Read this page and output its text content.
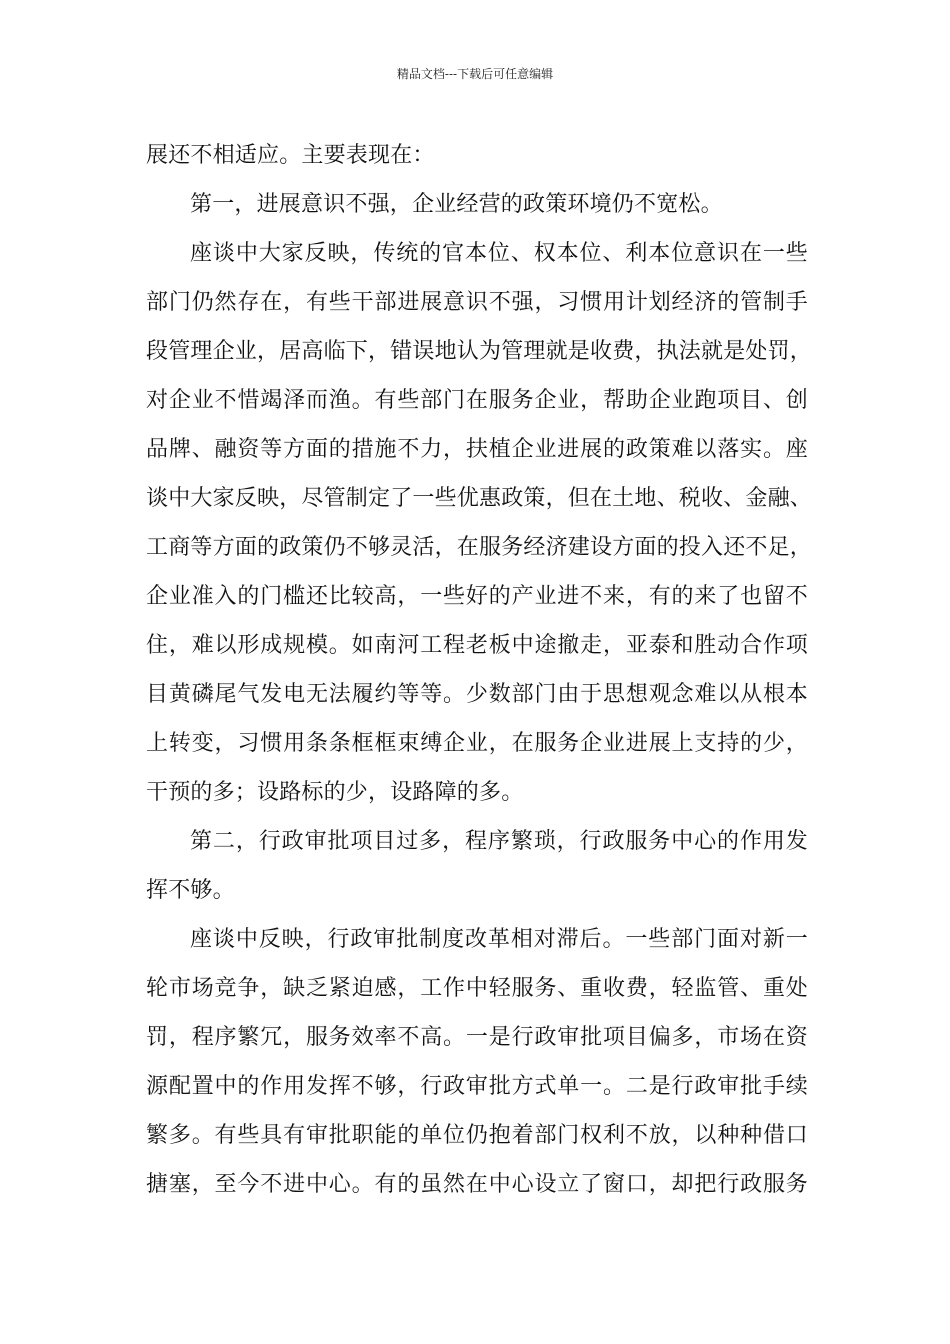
精品文档---下载后可任意编辑
展还不相适应。主要表现在：
第一，进展意识不强，企业经营的政策环境仍不宽松。
座谈中大家反映，传统的官本位、权本位、利本位意识在一些
部门仍然存在，有些干部进展意识不强，习惯用计划经济的管制手
段管理企业，居高临下，错误地认为管理就是收费，执法就是处罚，
对企业不惜竭泽而渔。有些部门在服务企业，帮助企业跑项目、创
品牌、融资等方面的措施不力，扶植企业进展的政策难以落实。座
谈中大家反映，尽管制定了一些优惠政策，但在土地、税收、金融、
工商等方面的政策仍不够灵活，在服务经济建设方面的投入还不足，
企业准入的门槛还比较高，一些好的产业进不来，有的来了也留不
住，难以形成规模。如南河工程老板中途撤走，亚泰和胜动合作项
目黄磷尾气发电无法履约等等。少数部门由于思想观念难以从根本
上转变，习惯用条条框框束缚企业，在服务企业进展上支持的少，
干预的多；设路标的少，设路障的多。
第二，行政审批项目过多，程序繁琐，行政服务中心的作用发
挥不够。
座谈中反映，行政审批制度改革相对滞后。一些部门面对新一
轮市场竞争，缺乏紧迫感，工作中轻服务、重收费，轻监管、重处
罚，程序繁冗，服务效率不高。一是行政审批项目偏多，市场在资
源配置中的作用发挥不够，行政审批方式单一。二是行政审批手续
繁多。有些具有审批职能的单位仍抱着部门权利不放，以种种借口
搪塞，至今不进中心。有的虽然在中心设立了窗口，却把行政服务
